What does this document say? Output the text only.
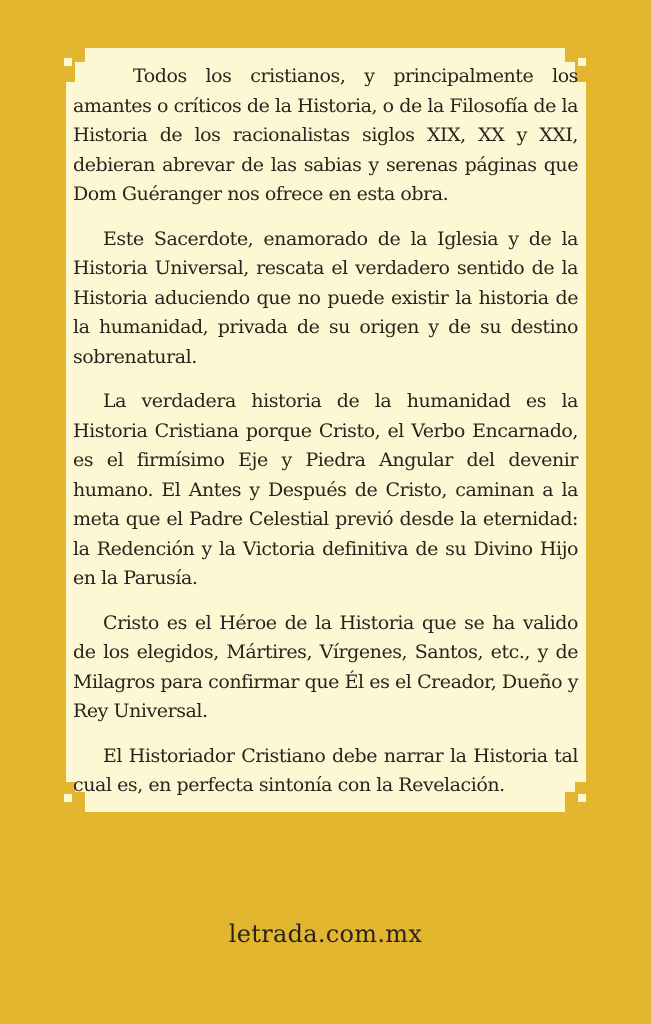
Todos los cristianos, y principalmente los amantes o críticos de la Historia, o de la Filosofía de la Historia de los racionalistas siglos XIX, XX y XXI, debieran abrevar de las sabias y serenas páginas que Dom Guéranger nos ofrece en esta obra.

Este Sacerdote, enamorado de la Iglesia y de la Historia Universal, rescata el verdadero sentido de la Historia aduciendo que no puede existir la historia de la humanidad, privada de su origen y de su destino sobrenatural.

La verdadera historia de la humanidad es la Historia Cristiana porque Cristo, el Verbo Encarnado, es el firmísimo Eje y Piedra Angular del devenir humano. El Antes y Después de Cristo, caminan a la meta que el Padre Celestial previó desde la eternidad: la Redención y la Victoria definitiva de su Divino Hijo en la Parusía.

Cristo es el Héroe de la Historia que se ha valido de los elegidos, Mártires, Vírgenes, Santos, etc., y de Milagros para confirmar que Él es el Creador, Dueño y Rey Universal.

El Historiador Cristiano debe narrar la Historia tal cual es, en perfecta sintonía con la Revelación.

letrada.com.mx
